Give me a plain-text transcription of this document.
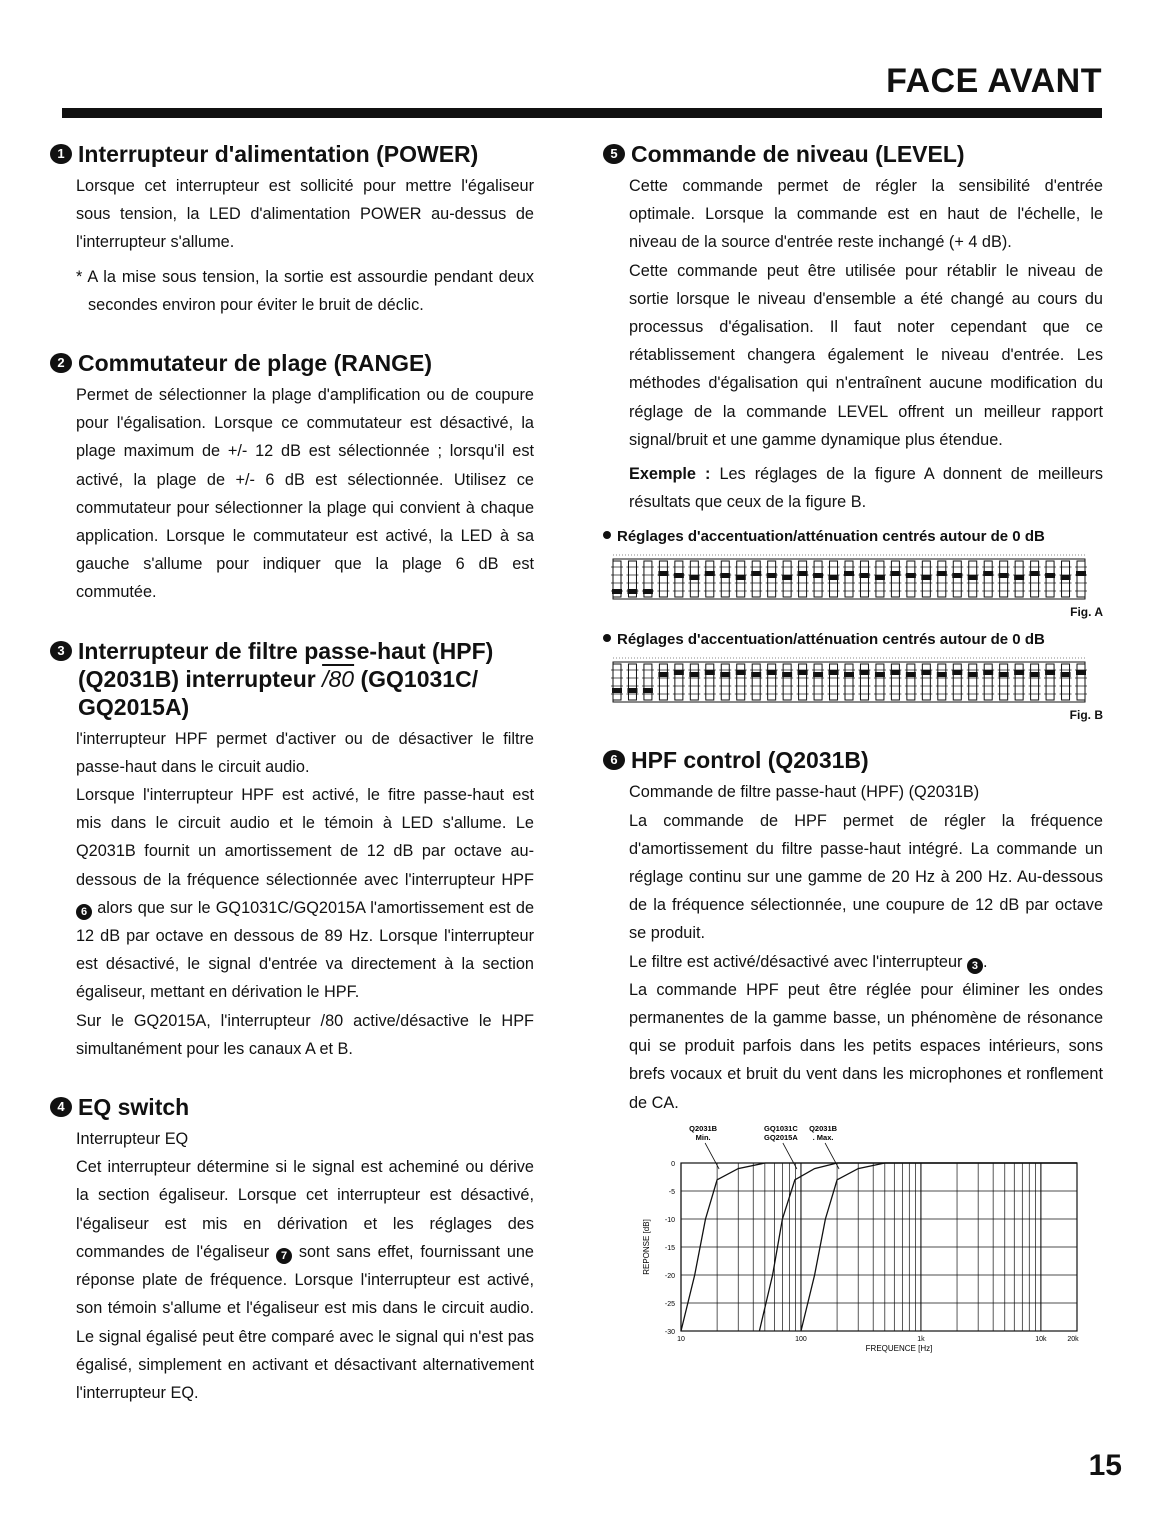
FACE AVANT
1 Interrupteur d'alimentation (POWER)

Lorsque cet interrupteur est sollicité pour mettre l'égaliseur sous tension, la LED d'alimentation POWER au-dessus de l'interrupteur s'allume.

* A la mise sous tension, la sortie est assourdie pendant deux secondes environ pour éviter le bruit de déclic.

2 Commutateur de plage (RANGE)

Permet de sélectionner la plage d'amplification ou de coupure pour l'égalisation. Lorsque ce commutateur est désactivé, la plage maximum de +/- 12 dB est sélectionnée ; lorsqu'il est activé, la plage de +/- 6 dB est sélectionnée. Utilisez ce commutateur pour sélectionner la plage qui convient à chaque application. Lorsque le commutateur est activé, la LED à sa gauche s'allume pour indiquer que la plage 6 dB est commutée.

3 Interrupteur de filtre passe-haut (HPF) (Q2031B) interrupteur /80 (GQ1031C/ GQ2015A)

l'interrupteur HPF permet d'activer ou de désactiver le filtre passe-haut dans le circuit audio.

Lorsque l'interrupteur HPF est activé, le fitre passe-haut est mis dans le circuit audio et le témoin à LED s'allume. Le Q2031B fournit un amortissement de 12 dB par octave au-dessous de la fréquence sélectionnée avec l'interrupteur HPF 6 alors que sur le GQ1031C/GQ2015A l'amortissement est de 12 dB par octave en dessous de 89 Hz. Lorsque l'interrupteur est désactivé, le signal d'entrée va directement à la section égaliseur, mettant en dérivation le HPF.

Sur le GQ2015A, l'interrupteur /80 active/désactive le HPF simultanément pour les canaux A et B.

4 EQ switch

Interrupteur EQ

Cet interrupteur détermine si le signal est acheminé ou dérive la section égaliseur. Lorsque cet interrupteur est désactivé, l'égaliseur est mis en dérivation et les réglages des commandes de l'égaliseur 7 sont sans effet, fournissant une réponse plate de fréquence. Lorsque l'interrupteur est activé, son témoin s'allume et l'égaliseur est mis dans le circuit audio. Le signal égalisé peut être comparé avec le signal qui n'est pas égalisé, simplement en activant et désactivant alternativement l'interrupteur EQ.

5 Commande de niveau (LEVEL)

Cette commande permet de régler la sensibilité d'entrée optimale. Lorsque la commande est en haut de l'échelle, le niveau de la source d'entrée reste inchangé (+ 4 dB).

Cette commande peut être utilisée pour rétablir le niveau de sortie lorsque le niveau d'ensemble a été changé au cours du processus d'égalisation. Il faut noter cependant que ce rétablissement changera également le niveau d'entrée. Les méthodes d'égalisation qui n'entraînent aucune modification du réglage de la commande LEVEL offrent un meilleur rapport signal/bruit et une gamme dynamique plus étendue.

Exemple : Les réglages de la figure A donnent de meilleurs résultats que ceux de la figure B.

Réglages d'accentuation/atténuation centrés autour de 0 dB
Fig. A
Réglages d'accentuation/atténuation centrés autour de 0 dB
Fig. B
6 HPF control (Q2031B)

Commande de filtre passe-haut (HPF) (Q2031B)

La commande de HPF permet de régler la fréquence d'amortissement du filtre passe-haut intégré. La commande un réglage continu sur une gamme de 20 Hz à 200 Hz. Au-dessous de la fréquence sélectionnée, une coupure de 12 dB par octave se produit.

Le filtre est activé/désactivé avec l'interrupteur 3 .

La commande HPF peut être réglée pour éliminer les ondes permanentes de la gamme basse, un phénomène de résonance qui se produit parfois dans les petits espaces intérieurs, sons brefs vocaux et bruit du vent dans les microphones et ronflement de CA.

0
-5
-10
-15
-20
-25
-30
10	100	1k	10k	20k
FREQUENCE [Hz]
REPONSE [dB]
Q2031B
Min.
GQ1031C
GQ2015A
Q2031B
. Max.
15
